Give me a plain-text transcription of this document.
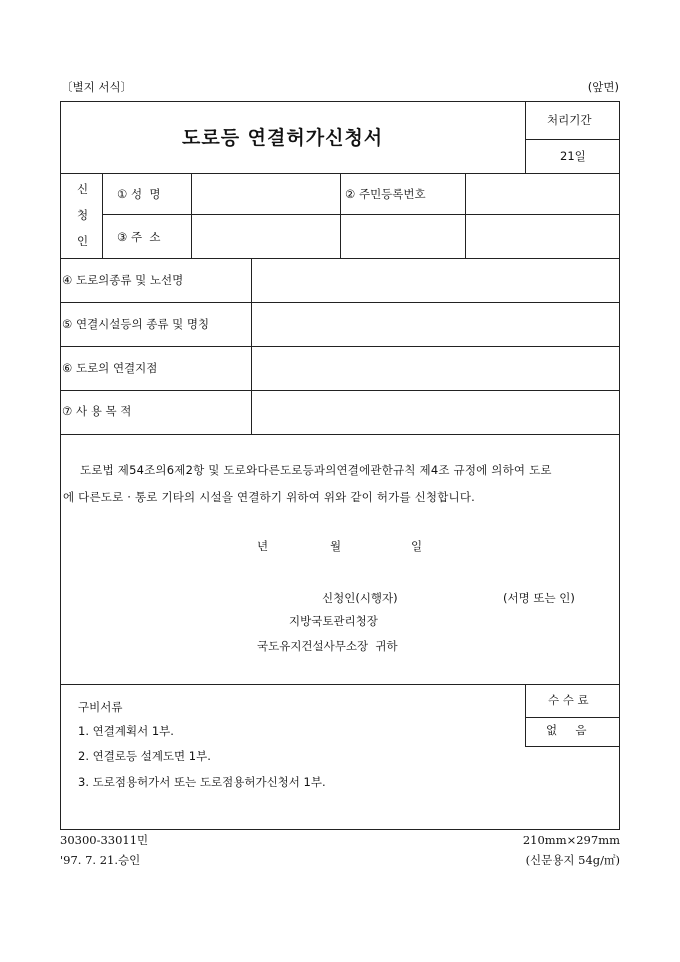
〔별지 서식〕	(앞면)
도로등 연결허가신청서
처리기간
21일
신
청
인
① 성  명	② 주민등록번호
③ 주  소
④ 도로의종류 및 노선명
⑤ 연결시설등의 종류 및 명칭
⑥ 도로의 연결지점
⑦ 사 용 목 적
도로법 제54조의6제2항 및 도로와다른도로등과의연결에관한규칙 제4조 규정에 의하여 도로
에 다른도로 · 통로 기타의 시설을 연결하기 위하여 위와 같이 허가를 신청합니다.
년	월	일
신청인(시행자)	(서명 또는 인)
지방국토관리청장
국도유지건설사무소장  귀하
구비서류
1. 연결계획서 1부.
2. 연결로등 설계도면 1부.
3. 도로점용허가서 또는 도로점용허가신청서 1부.
수 수 료
없     음
30300-33011민
'97. 7. 21.승인
210mm×297mm
(신문용지 54g/㎡)
